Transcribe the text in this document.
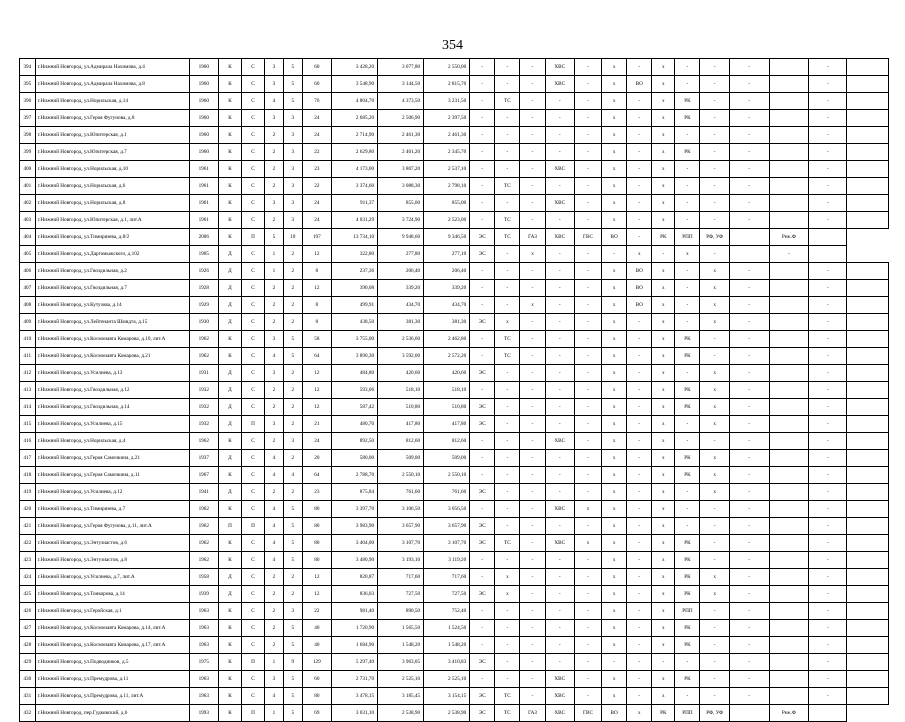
354
394	г.Нижний Новгород, ул.Адмирала Нахимова, д.4	1960	К	С	3	5	60	3 428,20	3 077,80	2 550,00	-	-	-	ХВС	-	х	-	х	-	-	-		-	
395	г.Нижний Новгород, ул.Адмирала Нахимова, д.8	1960	К	С	3	5	60	3 548,90	3 144,50	2 815,70	-	-	-	ХВС	-	х	ВО	х	-	-	-		-	
396	г.Нижний Новгород, ул.Норильская, д.14	1960	К	С	4	5	76	4 804,70	4 373,50	3 231,50	-	ТС	-	-	-	х	-	х	РК	-	-		-	
397	г.Нижний Новгород, ул.Героя Фугунова, д.8	1960	К	С	3	3	24	2 685,20	2 506,90	2 397,50	-	-	-	-	-	х	-	х	РК	-	-		-	
398	г.Нижний Новгород, ул.Юпитерская, д.1	1960	К	С	2	3	24	2 714,90	2 461,30	2 461,30	-	-	-	-	-	х	-	х	-	-	-		-	
399	г.Нижний Новгород, ул.Юпитерская, д.7	1960	К	С	2	3	22	2 629,80	2 401,20	2 345,70	-	-	-	-	-	х	-	х	РК	-	-		-	
400	г.Нижний Новгород, ул.Норильская, д.10	1961	К	С	2	3	23	4 173,00	3 807,20	2 537,10	-	-	-	ХВС	-	х	-	х	-	-	-		-	
401	г.Нижний Новгород, ул.Норильская, д.6	1961	К	С	2	3	22	3 374,60	3 088,30	2 798,10	-	ТС	-	-	-	х	-	х	-	-	-		-	
402	г.Нижний Новгород, ул.Норильская, д.8	1961	К	С	3	3	24	911,37	855,00	855,00	-	-	-	ХВС	-	х	-	х	-	-	-		-	
403	г.Нижний Новгород, ул.Юпитерская, д.1, лит.А	1961	К	С	2	3	24	4 031,29	3 724,90	2 523,00	-	ТС	-	-	-	х	-	х	-	-	-		-	
404	г.Нижний Новгород, ул.Тимирязева, д.8/2	2006	К	П	5	10	197	13 734,10	9 948,60	9 346,50	ЭС	ТС	ГАЗ	ХВС	ГВС	ВО	-	РК	РПП	РФ, УФ		Реж.Ф		
405	г.Нижний Новгород, ул.Даргомыжского, д.102	1905	Д	С	1	2	12	322,80	277,80	277,10	ЭС	-	х	-	-	-	х	-	х	-		-		
406	г.Нижний Новгород, ул.Гвоздильная, д.2	1926	Д	С	1	2	8	237,36	206,40	206,40	-	-	-	-	-	х	ВО	х	-	х	-		-	
407	г.Нижний Новгород, ул.Гвоздильная, д.7	1928	Д	С	2	2	12	390,08	339,20	339,20	-	-	-	-	-	х	ВО	х	-	х	-		-	
408	г.Нижний Новгород, ул.Кутузова, д.14	1929	Д	С	2	2	8	499,91	434,70	434,70	-	-	х	-	-	х	ВО	х	-	х	-		-	
409	г.Нижний Новгород, ул.Лейтенанта Шмидта, д.15	1930	Д	С	2	2	8	438,50	381,30	381,30	ЭС	х	-	-	-	х	-	х	-	х	-		-	
410	г.Нижний Новгород, ул.Космонавта Комарова, д.10, лит.А	1962	К	С	3	5	58	3 755,00	2 536,60	2 462,80	-	ТС	-	-	-	х	-	х	РК	-	-		-	
411	г.Нижний Новгород, ул.Космонавта Комарова, д.21	1962	К	С	4	5	64	3 890,30	3 592,00	2 572,20	-	ТС	-	-	-	х	-	х	РК	-	-		-	
412	г.Нижний Новгород, ул.Усилиева, д.13	1931	Д	С	3	2	12	484,80	420,60	420,60	ЭС	-	-	-	-	х	-	х	-	х	-		-	
413	г.Нижний Новгород, ул.Гвоздильная, д.12	1932	Д	С	2	2	12	593,06	518,10	518,10	-	-	-	-	-	х	-	х	РК	х	-		-	
414	г.Нижний Новгород, ул.Гвоздильная, д.14	1932	Д	С	2	2	12	587,42	510,80	510,80	ЭС	-	-	-	-	х	-	х	РК	х	-		-	
415	г.Нижний Новгород, ул.Усилиева, д.15	1932	Д	П	3	2	21	480,70	417,80	417,80	ЭС	-	-	-	-	х	-	х	-	х	-		-	
416	г.Нижний Новгород, ул.Норильская, д.4	1962	К	С	2	3	24	892,50	812,60	812,60	-	-	-	ХВС	-	х	-	х	-	-	-		-	
417	г.Нижний Новгород, ул.Героя Самочкина, д.21	1937	Д	С	4	2	20	580,00	509,00	509,00	-	-	-	-	-	х	-	х	РК	х	-		-	
418	г.Нижний Новгород, ул.Героя Самочкина, д.11	1967	К	С	4	4	64	2 788,70	2 550,10	2 550,10	-	-	-	-	-	х	-	х	РК	х	-		-	
419	г.Нижний Новгород, ул.Усилиева, д.12	1941	Д	С	2	2	23	875,84	761,60	761,60	ЭС	-	-	-	-	х	-	х	-	х	-		-	
420	г.Нижний Новгород, ул.Тимирязева, д.7	1962	К	С	4	5	80	3 397,70	3 106,50	3 056,50	-	-	-	ХВС	х	х	-	х	-	-	-		-	
421	г.Нижний Новгород, ул.Героя Фугунова, д.11, лит.А	1962	П	П	4	5	80	3 983,90	3 657,90	3 657,90	ЭС	-	-	-	-	х	-	х	-	-	-		-	
422	г.Нижний Новгород, ул.Энтузиастов, д.6	1962	К	С	4	5	80	3 404,00	3 107,70	3 107,70	ЭС	ТС	-	ХВС	х	х	-	х	РК	-	-		-	
423	г.Нижний Новгород, ул.Энтузиастов, д.8	1962	К	С	4	5	80	3 480,90	3 193,10	3 119,20	-	-	-	-	-	х	-	х	РК	-	-		-	
424	г.Нижний Новгород, ул.Усилиева, д.7, лит.А	1958	Д	С	2	2	12	820,87	717,60	717,60	-	х	-	-	-	х	-	х	РК	х	-		-	
425	г.Нижний Новгород, ул.Тонкорова, д.14	1939	Д	С	2	2	12	836,03	727,50	727,50	ЭС	х	-	-	-	х	-	х	РК	х	-		-	
426	г.Нижний Новгород, ул.Геройская, д.1	1963	К	С	2	3	22	981,40	890,50	752,40	-	-	-	-	-	х	-	х	РПП	-	-		-	
427	г.Нижний Новгород, ул.Космонавта Комарова, д.14, лит.А	1963	К	С	2	5	40	1 720,90	1 565,50	1 524,50	-	-	-	-	-	х	-	х	РК	-	-		-	
428	г.Нижний Новгород, ул.Космонавта Комарова, д.17, лит.А	1963	К	С	2	5	40	1 684,90	1 548,20	1 548,20	-	-	-	-	-	х	-	х	РК	-	-		-	
429	г.Нижний Новгород, ул.Подводников, д.5	1975	К	П	1	9	129	5 297,40	3 963,05	3 410,83	ЭС	-	-	-	-	-	-	-	-	-	-		-	
430	г.Нижний Новгород, ул.Премудрова, д.11	1963	К	С	3	5	60	2 731,70	2 525,10	2 525,10	-	-	-	ХВС	-	х	-	х	РК	-	-		-	
431	г.Нижний Новгород, ул.Премудрова, д.11, лит.А	1963	К	С	4	5	80	3 478,15	3 185,45	3 154,15	ЭС	ТС	-	ХВС	-	х	-	х	-	-	-		-	
432	г.Нижний Новгород, пер.Гудковский, д.6	1993	К	П	1	5	69	3 031,10	2 538,90	2 538,90	ЭС	ТС	ГАЗ	ХВС	ГВС	ВО	х	РК	РПП	РФ, УФ		Реж.Ф		
